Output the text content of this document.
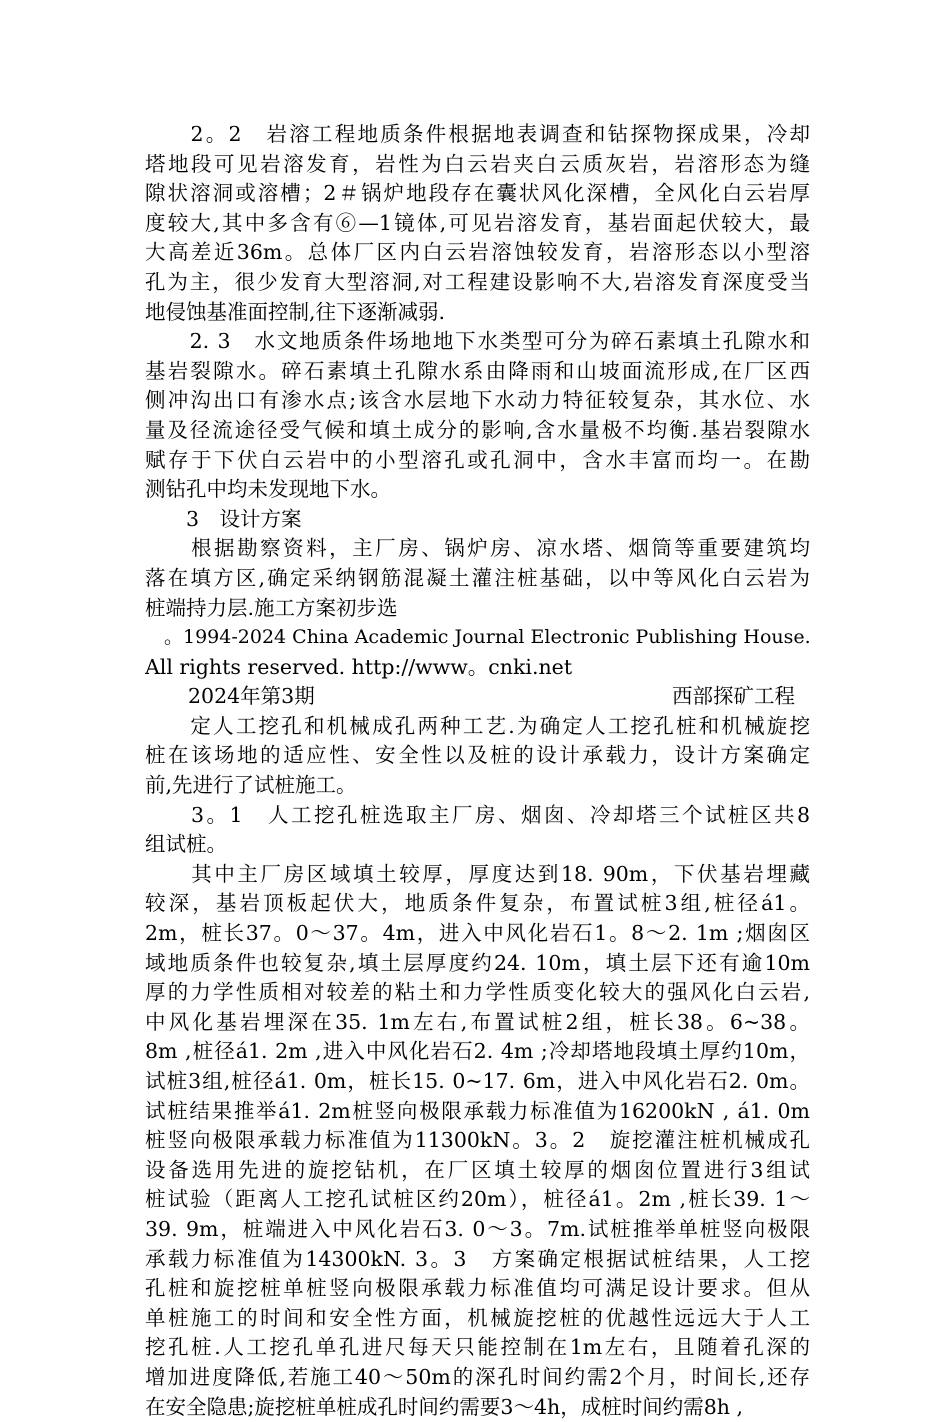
　　2。2　岩溶工程地质条件根据地表调查和钻探物探成果，冷却
塔地段可见岩溶发育，岩性为白云岩夹白云质灰岩，岩溶形态为缝
隙状溶洞或溶槽；2＃锅炉地段存在囊状风化深槽，全风化白云岩厚
度较大,其中多含有⑥—1镜体,可见岩溶发育，基岩面起伏较大，最
大高差近36m。总体厂区内白云岩溶蚀较发育，岩溶形态以小型溶
孔为主，很少发育大型溶洞,对工程建设影响不大,岩溶发育深度受当
地侵蚀基准面控制,往下逐渐减弱.
　　2. 3　水文地质条件场地地下水类型可分为碎石素填土孔隙水和
基岩裂隙水。碎石素填土孔隙水系由降雨和山坡面流形成,在厂区西
侧冲沟出口有渗水点;该含水层地下水动力特征较复杂，其水位、水
量及径流途径受气候和填土成分的影响,含水量极不均衡.基岩裂隙水
赋存于下伏白云岩中的小型溶孔或孔洞中，含水丰富而均一。在勘
测钻孔中均未发现地下水。
　　3　设计方案
　　根据勘察资料，主厂房、锅炉房、凉水塔、烟筒等重要建筑均
落在填方区,确定采纳钢筋混凝土灌注桩基础，以中等风化白云岩为
桩端持力层.施工方案初步选
　。1994-2024 China Academic Journal Electronic Publishing House.
All rights reserved. http://www。cnki.net
2024年第3期	西部探矿工程
　　定人工挖孔和机械成孔两种工艺.为确定人工挖孔桩和机械旋挖
桩在该场地的适应性、安全性以及桩的设计承载力，设计方案确定
前,先进行了试桩施工。
　　3。1　人工挖孔桩选取主厂房、烟囱、冷却塔三个试桩区共8
组试桩。
　　其中主厂房区域填土较厚，厚度达到18. 90m，下伏基岩埋藏
较深，基岩顶板起伏大，地质条件复杂，布置试桩3组,桩径á1。
2m，桩长37。0～37。4m，进入中风化岩石1。8～2. 1m ;烟囱区
域地质条件也较复杂,填土层厚度约24. 10m，填土层下还有逾10m
厚的力学性质相对较差的粘土和力学性质变化较大的强风化白云岩,
中风化基岩埋深在35. 1m左右,布置试桩2组，桩长38。6~38。
8m ,桩径á1. 2m ,进入中风化岩石2. 4m ;冷却塔地段填土厚约10m，
试桩3组,桩径á1. 0m，桩长15. 0~17. 6m，进入中风化岩石2. 0m。
试桩结果推举á1. 2m桩竖向极限承载力标准值为16200kN , á1. 0m
桩竖向极限承载力标准值为11300kN。3。2　旋挖灌注桩机械成孔
设备选用先进的旋挖钻机，在厂区填土较厚的烟囱位置进行3组试
桩试验（距离人工挖孔试桩区约20m），桩径á1。2m ,桩长39. 1～
39. 9m，桩端进入中风化岩石3. 0～3。7m.试桩推举单桩竖向极限
承载力标准值为14300kN. 3。3　方案确定根据试桩结果，人工挖
孔桩和旋挖桩单桩竖向极限承载力标准值均可满足设计要求。但从
单桩施工的时间和安全性方面，机械旋挖桩的优越性远远大于人工
挖孔桩.人工挖孔单孔进尺每天只能控制在1m左右，且随着孔深的
增加进度降低,若施工40～50m的深孔时间约需2个月，时间长,还存
在安全隐患;旋挖桩单桩成孔时间约需要3～4h，成桩时间约需8h ,
